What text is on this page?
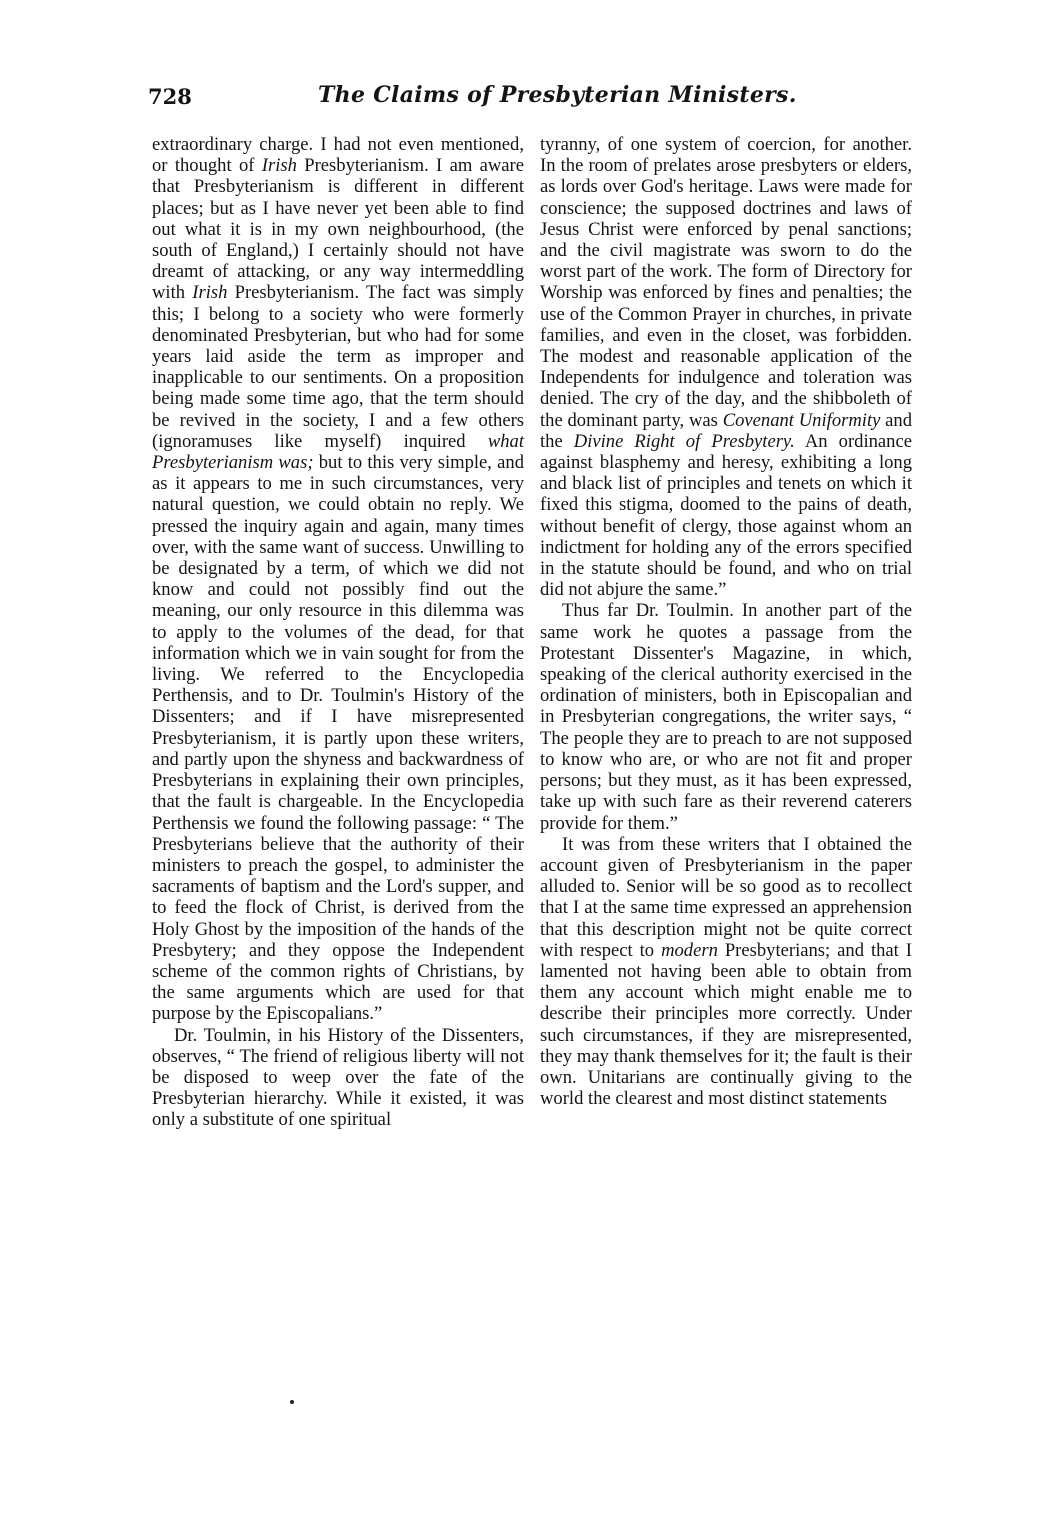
728	The Claims of Presbyterian Ministers.

extraordinary charge. I had not even mentioned, or thought of Irish Presbyterianism. I am aware that Presbyterianism is different in different places; but as I have never yet been able to find out what it is in my own neighbourhood, (the south of England,) I certainly should not have dreamt of attacking, or any way intermeddling with Irish Presbyterianism. The fact was simply this; I belong to a society who were formerly denominated Presbyterian, but who had for some years laid aside the term as improper and inapplicable to our sentiments. On a proposition being made some time ago, that the term should be revived in the society, I and a few others (ignoramuses like myself) inquired what Presbyterianism was; but to this very simple, and as it appears to me in such circumstances, very natural question, we could obtain no reply. We pressed the inquiry again and again, many times over, with the same want of success. Unwilling to be designated by a term, of which we did not know and could not possibly find out the meaning, our only resource in this dilemma was to apply to the volumes of the dead, for that information which we in vain sought for from the living. We referred to the Encyclopedia Perthensis, and to Dr. Toulmin's History of the Dissenters; and if I have misrepresented Presbyterianism, it is partly upon these writers, and partly upon the shyness and backwardness of Presbyterians in explaining their own principles, that the fault is chargeable. In the Encyclopedia Perthensis we found the following passage: “ The Presbyterians believe that the authority of their ministers to preach the gospel, to administer the sacraments of baptism and the Lord's supper, and to feed the flock of Christ, is derived from the Holy Ghost by the imposition of the hands of the Presbytery; and they oppose the Independent scheme of the common rights of Christians, by the same arguments which are used for that purpose by the Episcopalians.”

Dr. Toulmin, in his History of the Dissenters, observes, “ The friend of religious liberty will not be disposed to weep over the fate of the Presbyterian hierarchy. While it existed, it was only a substitute of one spiritual

tyranny, of one system of coercion, for another. In the room of prelates arose presbyters or elders, as lords over God's heritage. Laws were made for conscience; the supposed doctrines and laws of Jesus Christ were enforced by penal sanctions; and the civil magistrate was sworn to do the worst part of the work. The form of Directory for Worship was enforced by fines and penalties; the use of the Common Prayer in churches, in private families, and even in the closet, was forbidden. The modest and reasonable application of the Independents for indulgence and toleration was denied. The cry of the day, and the shibboleth of the dominant party, was Covenant Uniformity and the Divine Right of Presbytery. An ordinance against blasphemy and heresy, exhibiting a long and black list of principles and tenets on which it fixed this stigma, doomed to the pains of death, without benefit of clergy, those against whom an indictment for holding any of the errors specified in the statute should be found, and who on trial did not abjure the same.”

Thus far Dr. Toulmin. In another part of the same work he quotes a passage from the Protestant Dissenter's Magazine, in which, speaking of the clerical authority exercised in the ordination of ministers, both in Episcopalian and in Presbyterian congregations, the writer says, “ The people they are to preach to are not supposed to know who are, or who are not fit and proper persons; but they must, as it has been expressed, take up with such fare as their reverend caterers provide for them.”

It was from these writers that I obtained the account given of Presbyterianism in the paper alluded to. Senior will be so good as to recollect that I at the same time expressed an apprehension that this description might not be quite correct with respect to modern Presbyterians; and that I lamented not having been able to obtain from them any account which might enable me to describe their principles more correctly. Under such circumstances, if they are misrepresented, they may thank themselves for it; the fault is their own. Unitarians are continually giving to the world the clearest and most distinct statements
